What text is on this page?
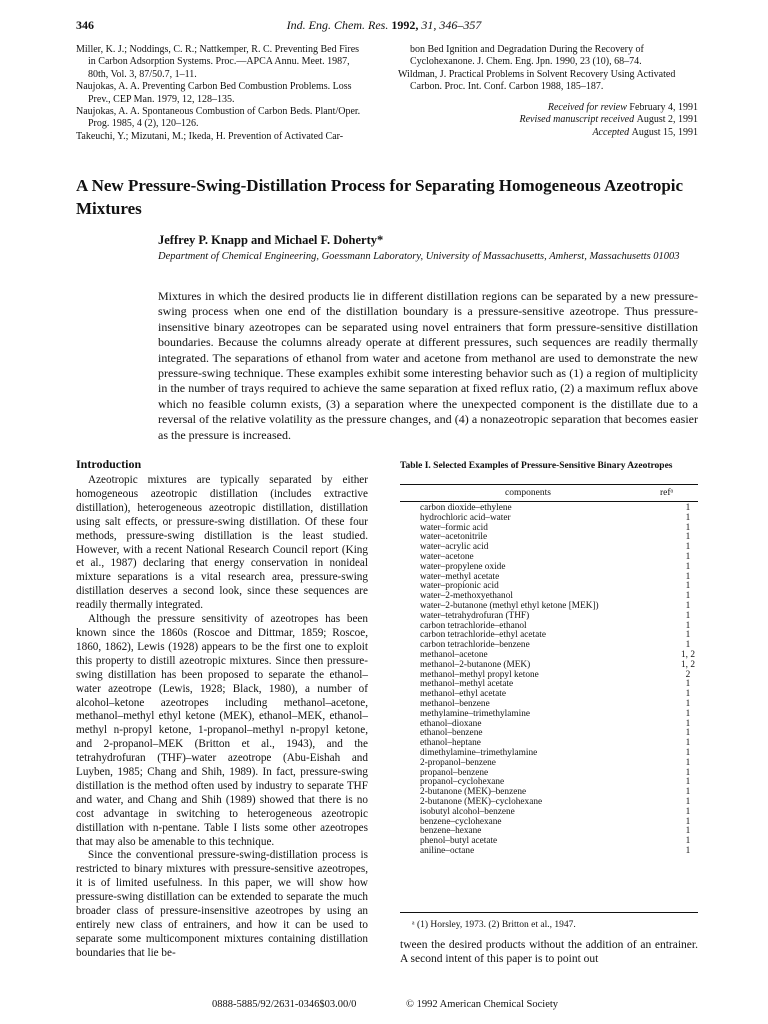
346	Ind. Eng. Chem. Res. 1992, 31, 346–357

Miller, K. J.; Noddings, C. R.; Nattkemper, R. C. Preventing Bed Fires in Carbon Adsorption Systems. Proc.—APCA Annu. Meet. 1987, 80th, Vol. 3, 87/50.7, 1–11.

Naujokas, A. A. Preventing Carbon Bed Combustion Problems. Loss Prev., CEP Man. 1979, 12, 128–135.

Naujokas, A. A. Spontaneous Combustion of Carbon Beds. Plant/Oper. Prog. 1985, 4 (2), 120–126.

Takeuchi, Y.; Mizutani, M.; Ikeda, H. Prevention of Activated Car-

bon Bed Ignition and Degradation During the Recovery of Cyclohexanone. J. Chem. Eng. Jpn. 1990, 23 (10), 68–74.

Wildman, J. Practical Problems in Solvent Recovery Using Activated Carbon. Proc. Int. Conf. Carbon 1988, 185–187.

Received for review February 4, 1991
Revised manuscript received August 2, 1991
Accepted August 15, 1991
A New Pressure-Swing-Distillation Process for Separating Homogeneous Azeotropic Mixtures
Jeffrey P. Knapp and Michael F. Doherty*
Department of Chemical Engineering, Goessmann Laboratory, University of Massachusetts, Amherst, Massachusetts 01003

Mixtures in which the desired products lie in different distillation regions can be separated by a new pressure-swing process when one end of the distillation boundary is a pressure-sensitive azeotrope. Thus pressure-insensitive binary azeotropes can be separated using novel entrainers that form pressure-sensitive distillation boundaries. Because the columns already operate at different pressures, such sequences are readily thermally integrated. The separations of ethanol from water and acetone from methanol are used to demonstrate the new pressure-swing technique. These examples exhibit some interesting behavior such as (1) a region of multiplicity in the number of trays required to achieve the same separation at fixed reflux ratio, (2) a maximum reflux above which no feasible column exists, (3) a separation where the unexpected component is the distillate due to a reversal of the relative volatility as the pressure changes, and (4) a nonazeotropic separation that becomes easier as the pressure is increased.

Introduction

Azeotropic mixtures are typically separated by either homogeneous azeotropic distillation (includes extractive distillation), heterogeneous azeotropic distillation, distillation using salt effects, or pressure-swing distillation. Of these four methods, pressure-swing distillation is the least studied. However, with a recent National Research Council report (King et al., 1987) declaring that energy conservation in nonideal mixture separations is a vital research area, pressure-swing distillation deserves a second look, since these sequences are readily thermally integrated.

Although the pressure sensitivity of azeotropes has been known since the 1860s (Roscoe and Dittmar, 1859; Roscoe, 1860, 1862), Lewis (1928) appears to be the first one to exploit this property to distill azeotropic mixtures. Since then pressure-swing distillation has been proposed to separate the ethanol–water azeotrope (Lewis, 1928; Black, 1980), a number of alcohol–ketone azeotropes including methanol–acetone, methanol–methyl ethyl ketone (MEK), ethanol–MEK, ethanol–methyl n-propyl ketone, 1-propanol–methyl n-propyl ketone, and 2-propanol–MEK (Britton et al., 1943), and the tetrahydrofuran (THF)–water azeotrope (Abu-Eishah and Luyben, 1985; Chang and Shih, 1989). In fact, pressure-swing distillation is the method often used by industry to separate THF and water, and Chang and Shih (1989) showed that there is no cost advantage in switching to heterogeneous azeotropic distillation with n-pentane. Table I lists some other azeotropes that may also be amenable to this technique.

Since the conventional pressure-swing-distillation process is restricted to binary mixtures with pressure-sensitive azeotropes, it is of limited usefulness. In this paper, we will show how pressure-swing distillation can be extended to separate the much broader class of pressure-insensitive azeotropes by using an entirely new class of entrainers, and how it can be used to separate some multicomponent mixtures containing distillation boundaries that lie be-

Table I. Selected Examples of Pressure-Sensitive Binary Azeotropes
components	refᵃ
carbon dioxide–ethylene	1
hydrochloric acid–water	1
water–formic acid	1
water–acetonitrile	1
water–acrylic acid	1
water–acetone	1
water–propylene oxide	1
water–methyl acetate	1
water–propionic acid	1
water–2-methoxyethanol	1
water–2-butanone (methyl ethyl ketone [MEK])	1
water–tetrahydrofuran (THF)	1
carbon tetrachloride–ethanol	1
carbon tetrachloride–ethyl acetate	1
carbon tetrachloride–benzene	1
methanol–acetone	1, 2
methanol–2-butanone (MEK)	1, 2
methanol–methyl propyl ketone	2
methanol–methyl acetate	1
methanol–ethyl acetate	1
methanol–benzene	1
methylamine–trimethylamine	1
ethanol–dioxane	1
ethanol–benzene	1
ethanol–heptane	1
dimethylamine–trimethylamine	1
2-propanol–benzene	1
propanol–benzene	1
propanol–cyclohexane	1
2-butanone (MEK)–benzene	1
2-butanone (MEK)–cyclohexane	1
isobutyl alcohol–benzene	1
benzene–cyclohexane	1
benzene–hexane	1
phenol–butyl acetate	1
aniline–octane	1
ᵃ (1) Horsley, 1973. (2) Britton et al., 1947.

tween the desired products without the addition of an entrainer. A second intent of this paper is to point out

0888-5885/92/2631-0346$03.00/0	© 1992 American Chemical Society
